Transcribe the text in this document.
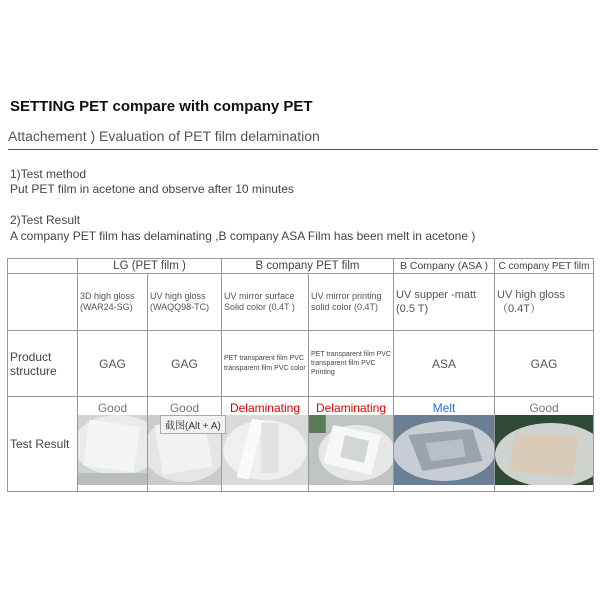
SETTING PET compare with company PET
Attachement ) Evaluation of PET film delamination
1)Test method
Put PET film in acetone and observe after 10 minutes
2)Test Result
A company PET film has delaminating ,B company ASA Film has been melt in acetone )
	LG (PET film )		B company PET film		B Company (ASA )	C company PET film
	3D high gloss (WAR24-SG)	UV high gloss (WAQQ98-TC)	UV mirror surface Solid color (0.4T )	UV mirror printing solid color (0.4T)	UV supper -matt (0.5 T)	UV high gloss （0.4T）
Product structure	GAG	GAG	PET transparent film PVC transparent film PVC color	PET transparent film PVC transparent film PVC Printing	ASA	GAG
Test Result	Good	Good	Delaminating	Delaminating	Melt	Good
截图(Alt + A)
